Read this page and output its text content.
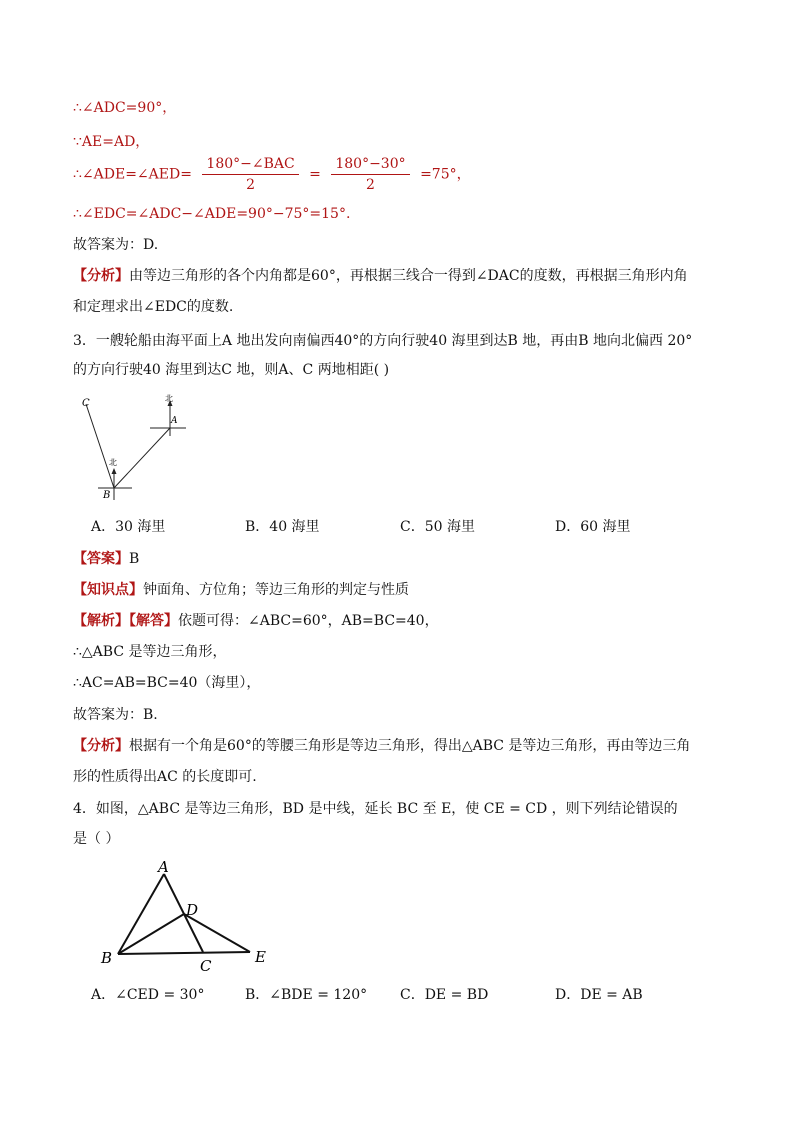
∴∠ADC=90°，
∵AE=AD，
∴∠ADE=∠AED= $\frac{\text{180°−∠BAC}}{2} = \frac{180^\circ-30^\circ}{2} =75^\circ$，
∴∠EDC=∠ADC−∠ADE=90°−75°=15°.
故答案为：D.
【分析】由等边三角形的各个内角都是60°，再根据三线合一得到∠DAC的度数，再根据三角形内角
和定理求出∠EDC的度数.
3．一艘轮船由海平面上A 地出发向南偏西40°的方向行驶40 海里到达B 地，再由B 地向北偏西 20°
的方向行驶40 海里到达C 地，则A、C 两地相距( )
C
A
B
北
北
A．30 海里	B．40 海里	C．50 海里	D．60 海里
【答案】B
【知识点】钟面角、方位角；等边三角形的判定与性质
【解析】【解答】依题可得：∠ABC=60°，AB=BC=40，
∴△ABC 是等边三角形，
∴AC=AB=BC=40（海里），
故答案为：B.
【分析】根据有一个角是60°的等腰三角形是等边三角形，得出△ABC 是等边三角形，再由等边三角
形的性质得出AC 的长度即可.
4．如图，△ABC 是等边三角形，BD 是中线，延长 BC 至 E，使 CE = CD ，则下列结论错误的
是（ ）
A
D
B	C	E
A．∠CED = 30°	B．∠BDE = 120° C．DE = BD	D．DE = AB
